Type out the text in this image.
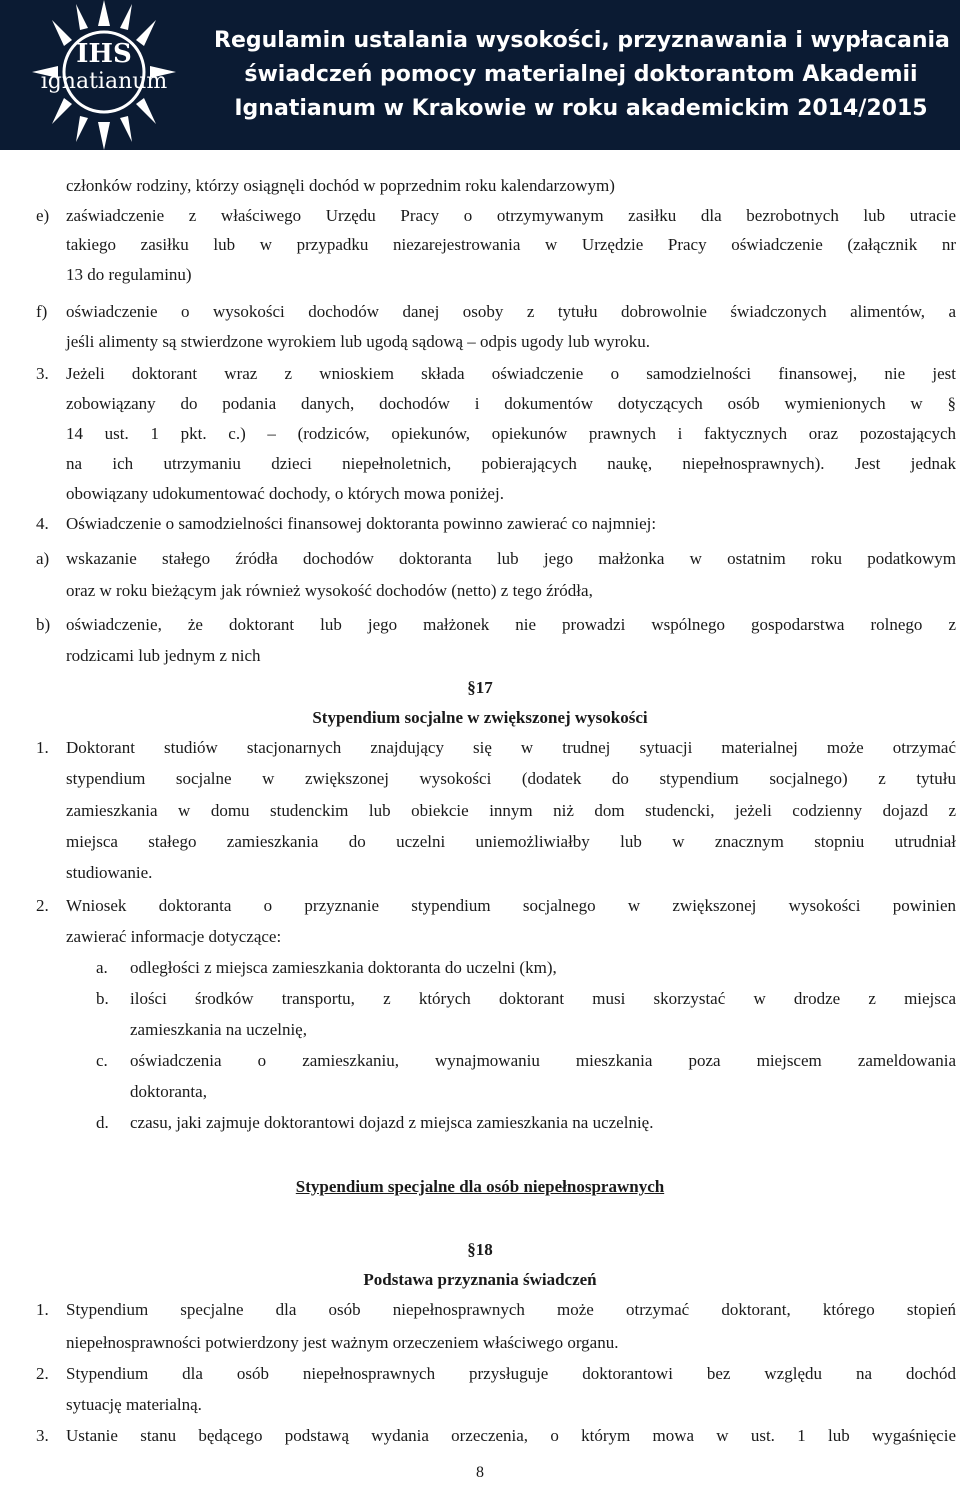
IHS
ignatianum
Regulamin ustalania wysokości, przyznawania i wypłacania
świadczeń pomocy materialnej doktorantom Akademii
Ignatianum w Krakowie w roku akademickim 2014/2015
członków rodziny, którzy osiągnęli dochód w poprzednim roku kalendarzowym)
e) zaświadczenie z właściwego Urzędu Pracy o otrzymywanym zasiłku dla bezrobotnych lub utracie
takiego zasiłku lub w przypadku niezarejestrowania w Urzędzie Pracy oświadczenie (załącznik nr
13 do regulaminu)
f) oświadczenie o wysokości dochodów danej osoby z tytułu dobrowolnie świadczonych alimentów, a
jeśli alimenty są stwierdzone wyrokiem lub ugodą sądową – odpis ugody lub wyroku.
3. Jeżeli doktorant wraz z wnioskiem składa oświadczenie o samodzielności finansowej, nie jest
zobowiązany do podania danych, dochodów i dokumentów dotyczących osób wymienionych w §
14 ust. 1 pkt. c.) – (rodziców, opiekunów, opiekunów prawnych i faktycznych oraz pozostających
na ich utrzymaniu dzieci niepełnoletnich, pobierających naukę, niepełnosprawnych). Jest jednak
obowiązany udokumentować dochody, o których mowa poniżej.
4. Oświadczenie o samodzielności finansowej doktoranta powinno zawierać co najmniej:
a) wskazanie stałego źródła dochodów doktoranta lub jego małżonka w ostatnim roku podatkowym
oraz w roku bieżącym jak również wysokość dochodów (netto) z tego źródła,
b) oświadczenie, że doktorant lub jego małżonek nie prowadzi wspólnego gospodarstwa rolnego z
rodzicami lub jednym z nich
§17
Stypendium socjalne w zwiększonej wysokości
1. Doktorant studiów stacjonarnych znajdujący się w trudnej sytuacji materialnej może otrzymać
stypendium socjalne w zwiększonej wysokości (dodatek do stypendium socjalnego) z tytułu
zamieszkania w domu studenckim lub obiekcie innym niż dom studencki, jeżeli codzienny dojazd z
miejsca stałego zamieszkania do uczelni uniemożliwiałby lub w znacznym stopniu utrudniał
studiowanie.
2. Wniosek doktoranta o przyznanie stypendium socjalnego w zwiększonej wysokości powinien
zawierać informacje dotyczące:
a. odległości z miejsca zamieszkania doktoranta do uczelni (km),
b. ilości środków transportu, z których doktorant musi skorzystać w drodze z miejsca
zamieszkania na uczelnię,
c. oświadczenia o zamieszkaniu, wynajmowaniu mieszkania poza miejscem zameldowania
doktoranta,
d. czasu, jaki zajmuje doktorantowi dojazd z miejsca zamieszkania na uczelnię.
Stypendium specjalne dla osób niepełnosprawnych
§18
Podstawa przyznania świadczeń
1. Stypendium specjalne dla osób niepełnosprawnych może otrzymać doktorant, którego stopień
niepełnosprawności potwierdzony jest ważnym orzeczeniem właściwego organu.
2. Stypendium dla osób niepełnosprawnych przysługuje doktorantowi bez względu na dochód
sytuację materialną.
3. Ustanie stanu będącego podstawą wydania orzeczenia, o którym mowa w ust. 1 lub wygaśnięcie
8
